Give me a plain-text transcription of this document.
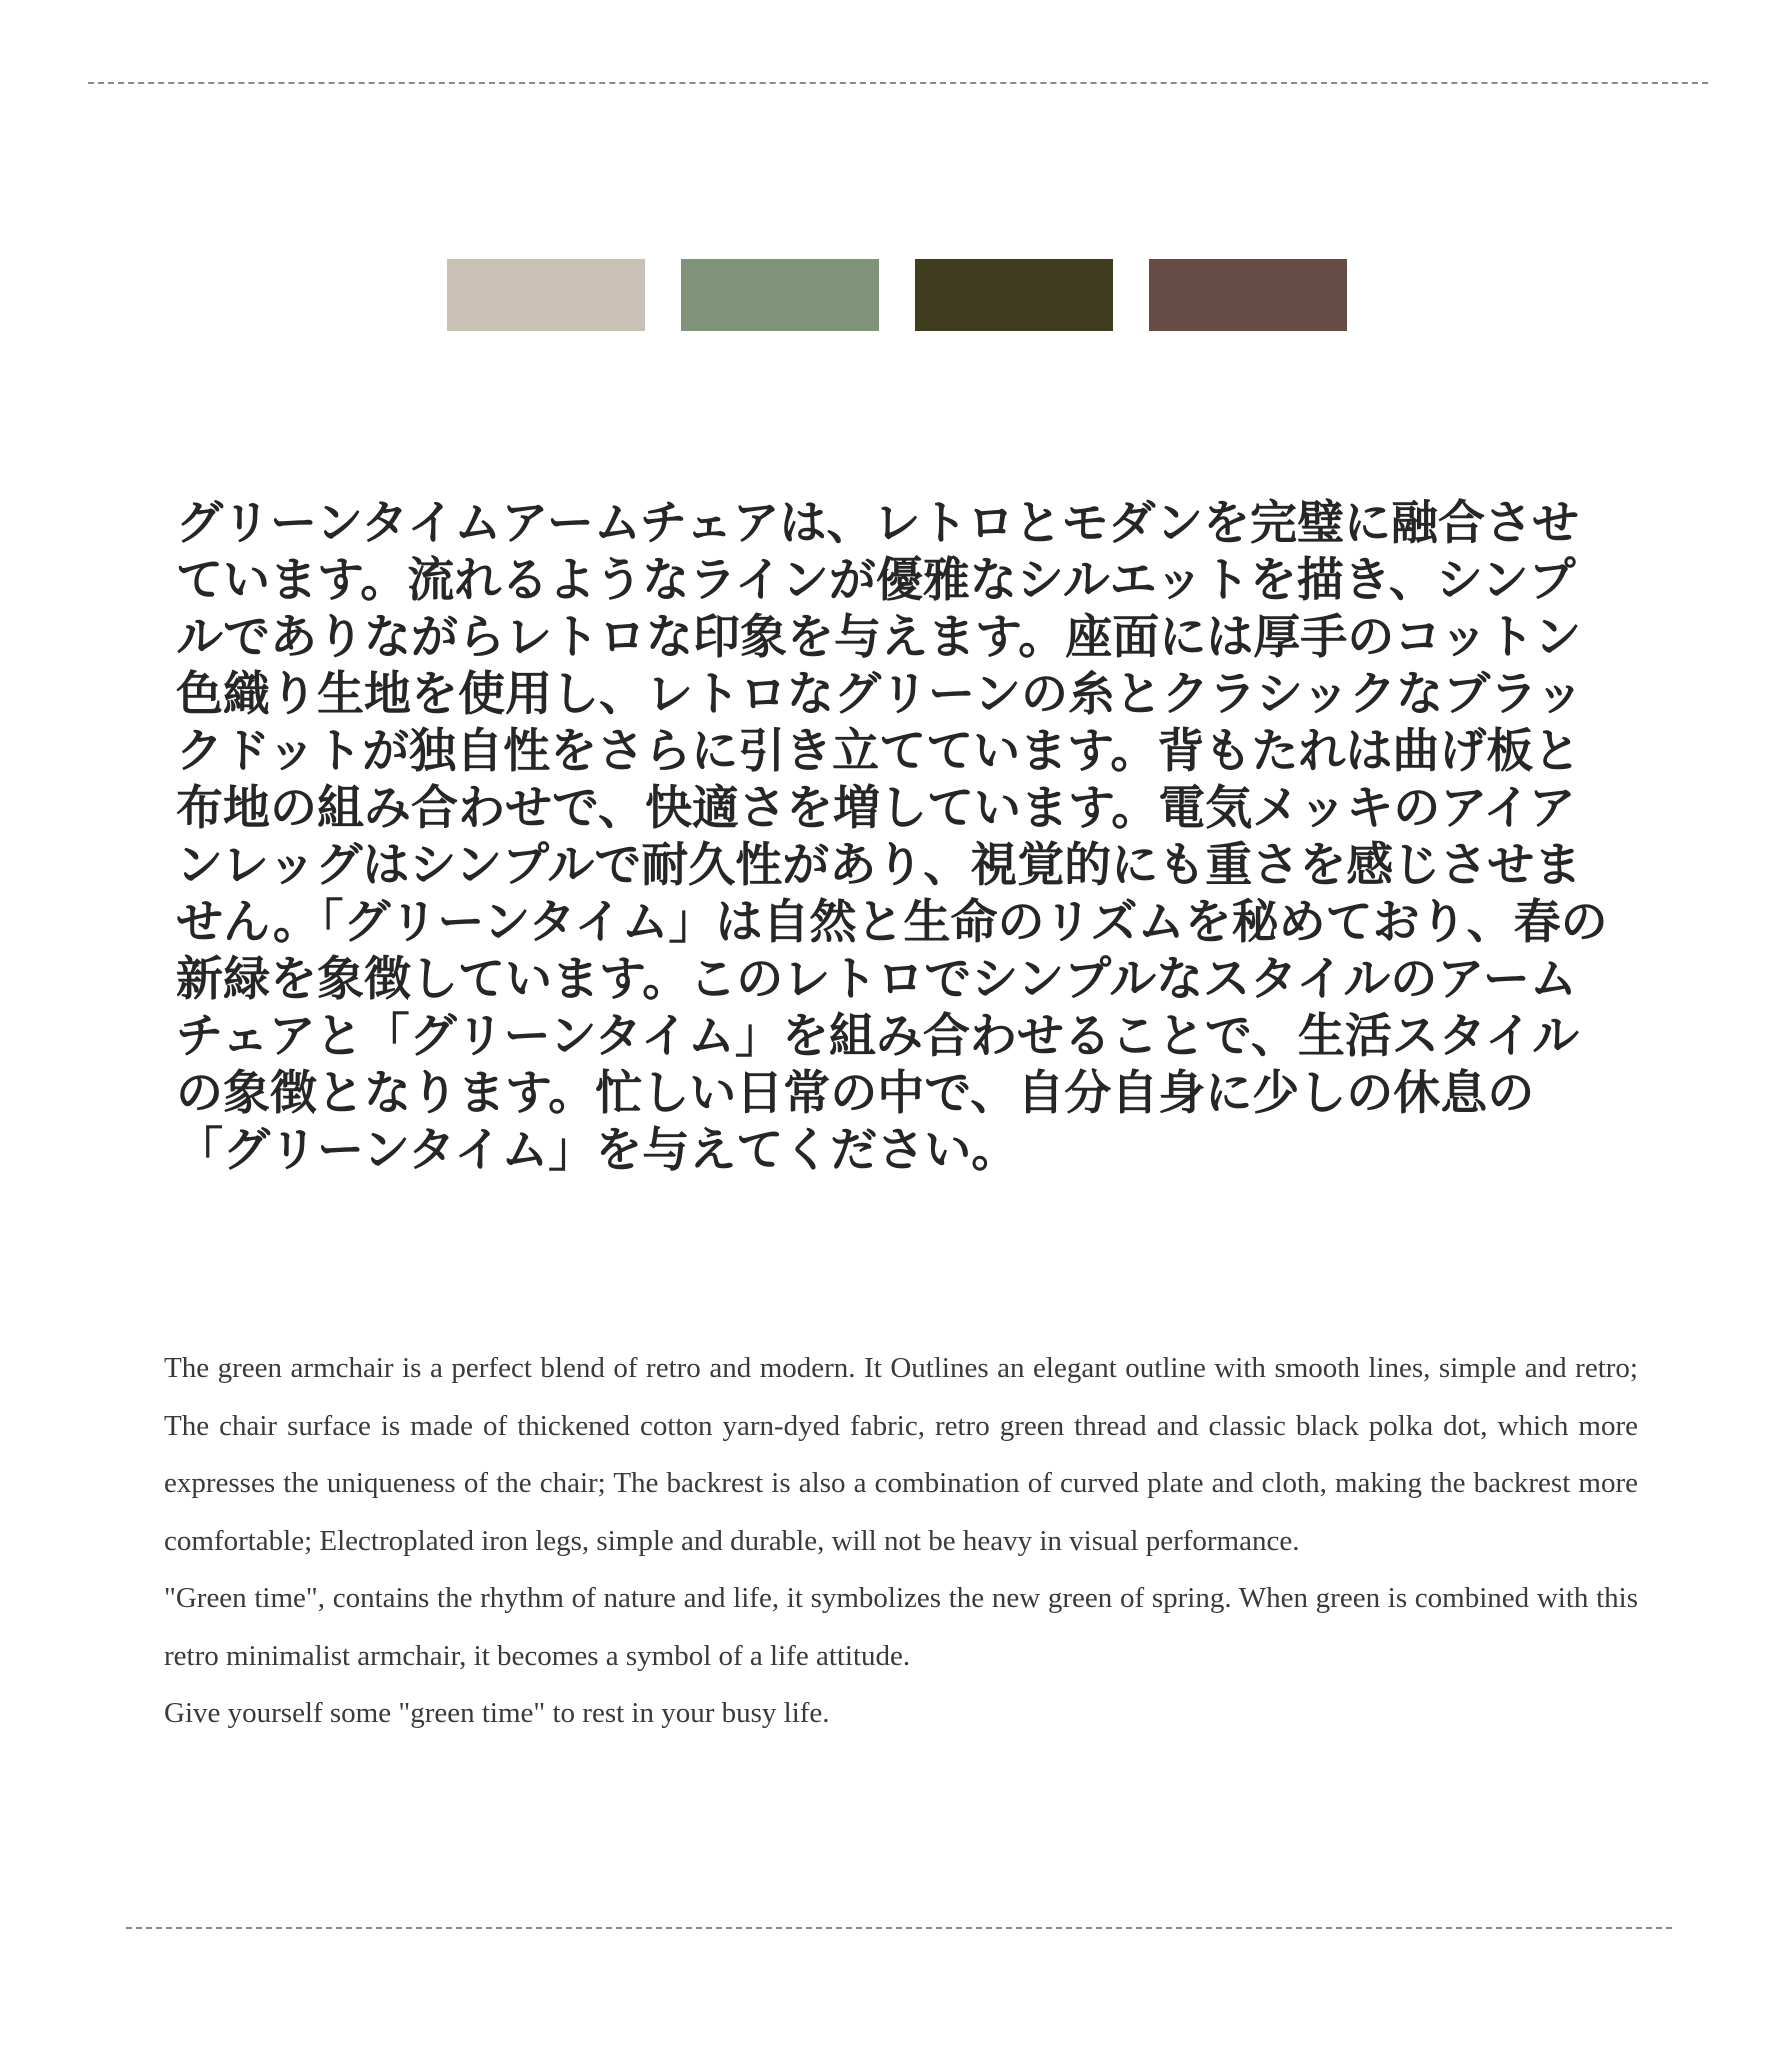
グリーンタイムアームチェアは、レトロとモダンを完璧に融合させています。流れるようなラインが優雅なシルエットを描き、シンプルでありながらレトロな印象を与えます。座面には厚手のコットン色織り生地を使用し、レトロなグリーンの糸とクラシックなブラックドットが独自性をさらに引き立てています。背もたれは曲げ板と布地の組み合わせで、快適さを増しています。電気メッキのアイアンレッグはシンプルで耐久性があり、視覚的にも重さを感じさせません。「グリーンタイム」は自然と生命のリズムを秘めており、春の新緑を象徴しています。このレトロでシンプルなスタイルのアームチェアと「グリーンタイム」を組み合わせることで、生活スタイルの象徴となります。忙しい日常の中で、自分自身に少しの休息の「グリーンタイム」を与えてください。

The green armchair is a perfect blend of retro and modern. It Outlines an elegant outline with smooth lines, simple and retro; The chair surface is made of thickened cotton yarn-dyed fabric, retro green thread and classic black polka dot, which more expresses the uniqueness of the chair; The backrest is also a combination of curved plate and cloth, making the backrest more comfortable; Electroplated iron legs, simple and durable, will not be heavy in visual performance.

"Green time", contains the rhythm of nature and life, it symbolizes the new green of spring. When green is combined with this retro minimalist armchair, it becomes a symbol of a life attitude.

Give yourself some "green time" to rest in your busy life.
